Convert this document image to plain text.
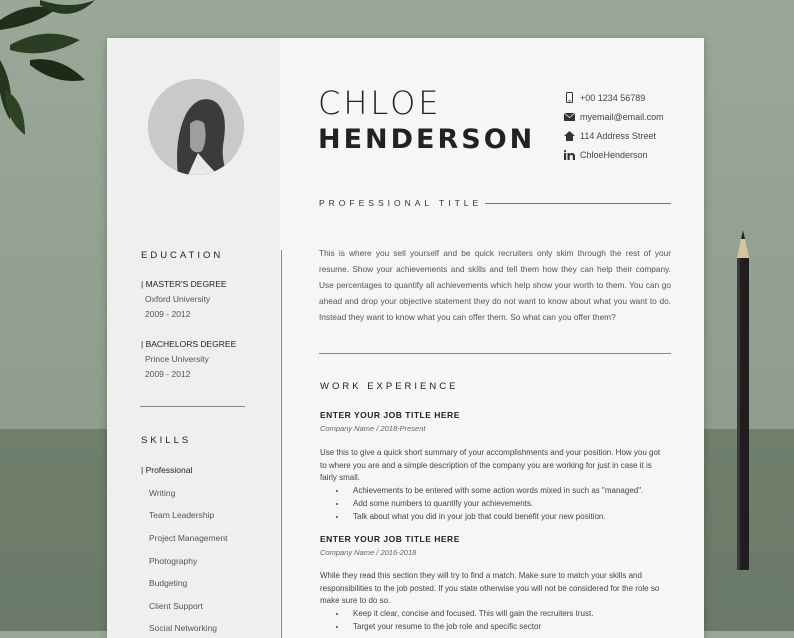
CHLOE
HENDERSON
+00 1234 56789
myemail@email.com
114 Address Street
ChloeHenderson
PROFESSIONAL TITLE
EDUCATION
| MASTER'S DEGREE
Oxford University
2009 - 2012
| BACHELORS DEGREE
Prince University
2009 - 2012
SKILLS
| Professional
Writing
Team Leadership
Project Management
Photography
Budgeting
Client Support
Social Networking
This is where you sell yourself and be quick recruiters only skim through the rest of your resume. Show your achievements and skills and tell them how they can help their company. Use percentages to quantify all achievements which help show your worth to them. You can go ahead and drop your objective statement they do not want to know about what you want to do. Instead they want to know what you can offer them. So what can you offer them?
WORK EXPERIENCE
ENTER YOUR JOB TITLE HERE
Company Name / 2018-Present
Use this to give a quick short summary of your accomplishments and your position. How you got to where you are and a simple description of the company you are working for just in case it is fairly small.
• Achievements to be entered with some action words mixed in such as "managed".
• Add some numbers to quantify your achievements.
• Talk about what you did in your job that could benefit your new position.
ENTER YOUR JOB TITLE HERE
Company Name / 2016-2018
While they read this section they will try to find a match. Make sure to match your skills and responsibilities to the job posted. If you state otherwise you will not be considered for the role so make sure to do so.
• Keep it clear, concise and focused. This will gain the recruiters trust.
• Target your resume to the job role and specific sector
